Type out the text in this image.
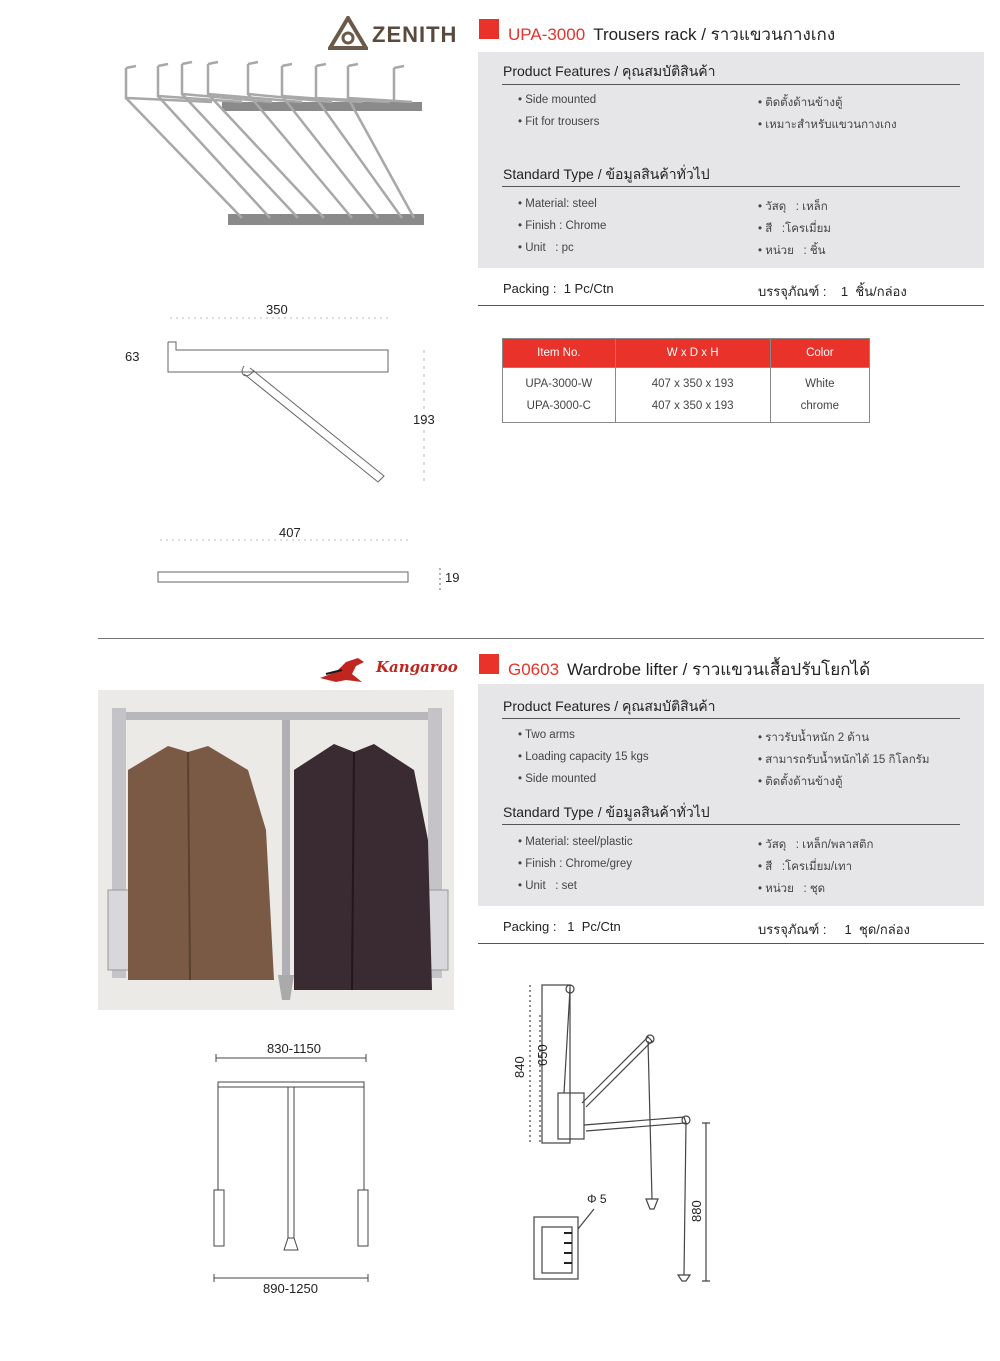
ZENITH	UPA-3000 Trousers rack / ราวแขวนกางเกง
Product Features / คุณสมบัติสินค้า
• Side mounted
• Fit for trousers
• ติดตั้งด้านข้างตู้
• เหมาะสำหรับแขวนกางเกง
Standard Type / ข้อมูลสินค้าทั่วไป
• Material: steel
• Finish : Chrome
• Unit   : pc
• วัสดุ   : เหล็ก
• สี   :โครเมี่ยม
• หน่วย   : ชิ้น
Packing :  1 Pc/Ctn	บรรจุภัณฑ์ :    1  ชิ้น/กล่อง
Item No.	W x D x H	Color
UPA-3000-W	407 x 350 x 193	White
UPA-3000-C	407 x 350 x 193	chrome
350
63
193
407
19
Kangaroo	G0603 Wardrobe lifter / ราวแขวนเสื้อปรับโยกได้
Product Features / คุณสมบัติสินค้า
• Two arms
• Loading capacity 15 kgs
• Side mounted
• ราวรับน้ำหนัก 2 ด้าน
• สามารถรับน้ำหนักได้ 15 กิโลกรัม
• ติดตั้งด้านข้างตู้
Standard Type / ข้อมูลสินค้าทั่วไป
• Material: steel/plastic
• Finish : Chrome/grey
• Unit   : set
• วัสดุ   : เหล็ก/พลาสติก
• สี   :โครเมี่ยม/เทา
• หน่วย   : ชุด
Packing :   1  Pc/Ctn	บรรจุภัณฑ์ :     1  ชุด/กล่อง
830-1150
890-1250
840
650
880
Φ 5
